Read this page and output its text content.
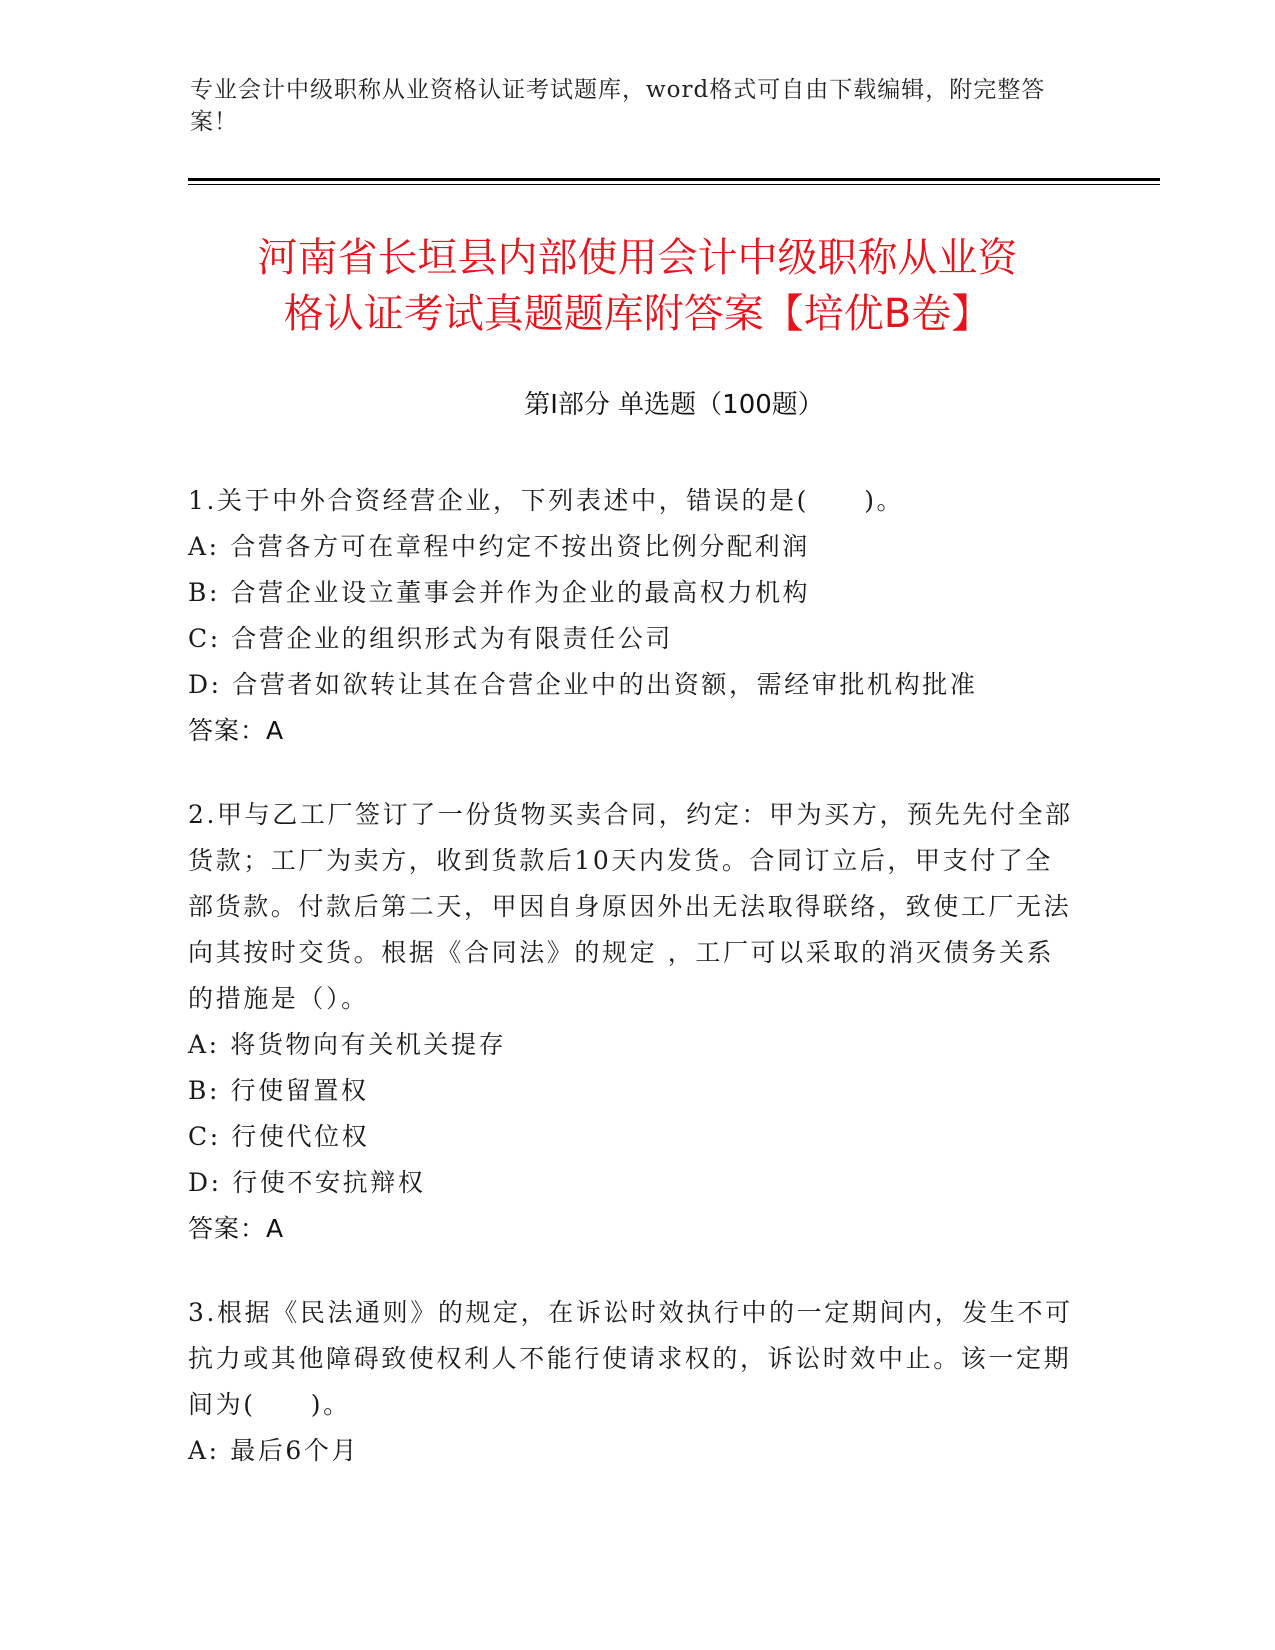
专业会计中级职称从业资格认证考试题库，word格式可自由下载编辑，附完整答案！
河南省长垣县内部使用会计中级职称从业资
格认证考试真题题库附答案【培优B卷】
第Ⅰ部分 单选题（100题）
1.关于中外合资经营企业，下列表述中，错误的是(　　)。
A: 合营各方可在章程中约定不按出资比例分配利润
B: 合营企业设立董事会并作为企业的最高权力机构
C: 合营企业的组织形式为有限责任公司
D: 合营者如欲转让其在合营企业中的出资额，需经审批机构批准
答案：A
2.甲与乙工厂签订了一份货物买卖合同，约定：甲为买方，预先先付全部货款；工厂为卖方，收到货款后10天内发货。合同订立后，甲支付了全部货款。付款后第二天，甲因自身原因外出无法取得联络，致使工厂无法向其按时交货。根据《合同法》的规定 ，工厂可以采取的消灭债务关系的措施是（）。
A: 将货物向有关机关提存
B: 行使留置权
C: 行使代位权
D: 行使不安抗辩权
答案：A
3.根据《民法通则》的规定，在诉讼时效执行中的一定期间内，发生不可抗力或其他障碍致使权利人不能行使请求权的，诉讼时效中止。该一定期间为(　　)。
A: 最后6个月
